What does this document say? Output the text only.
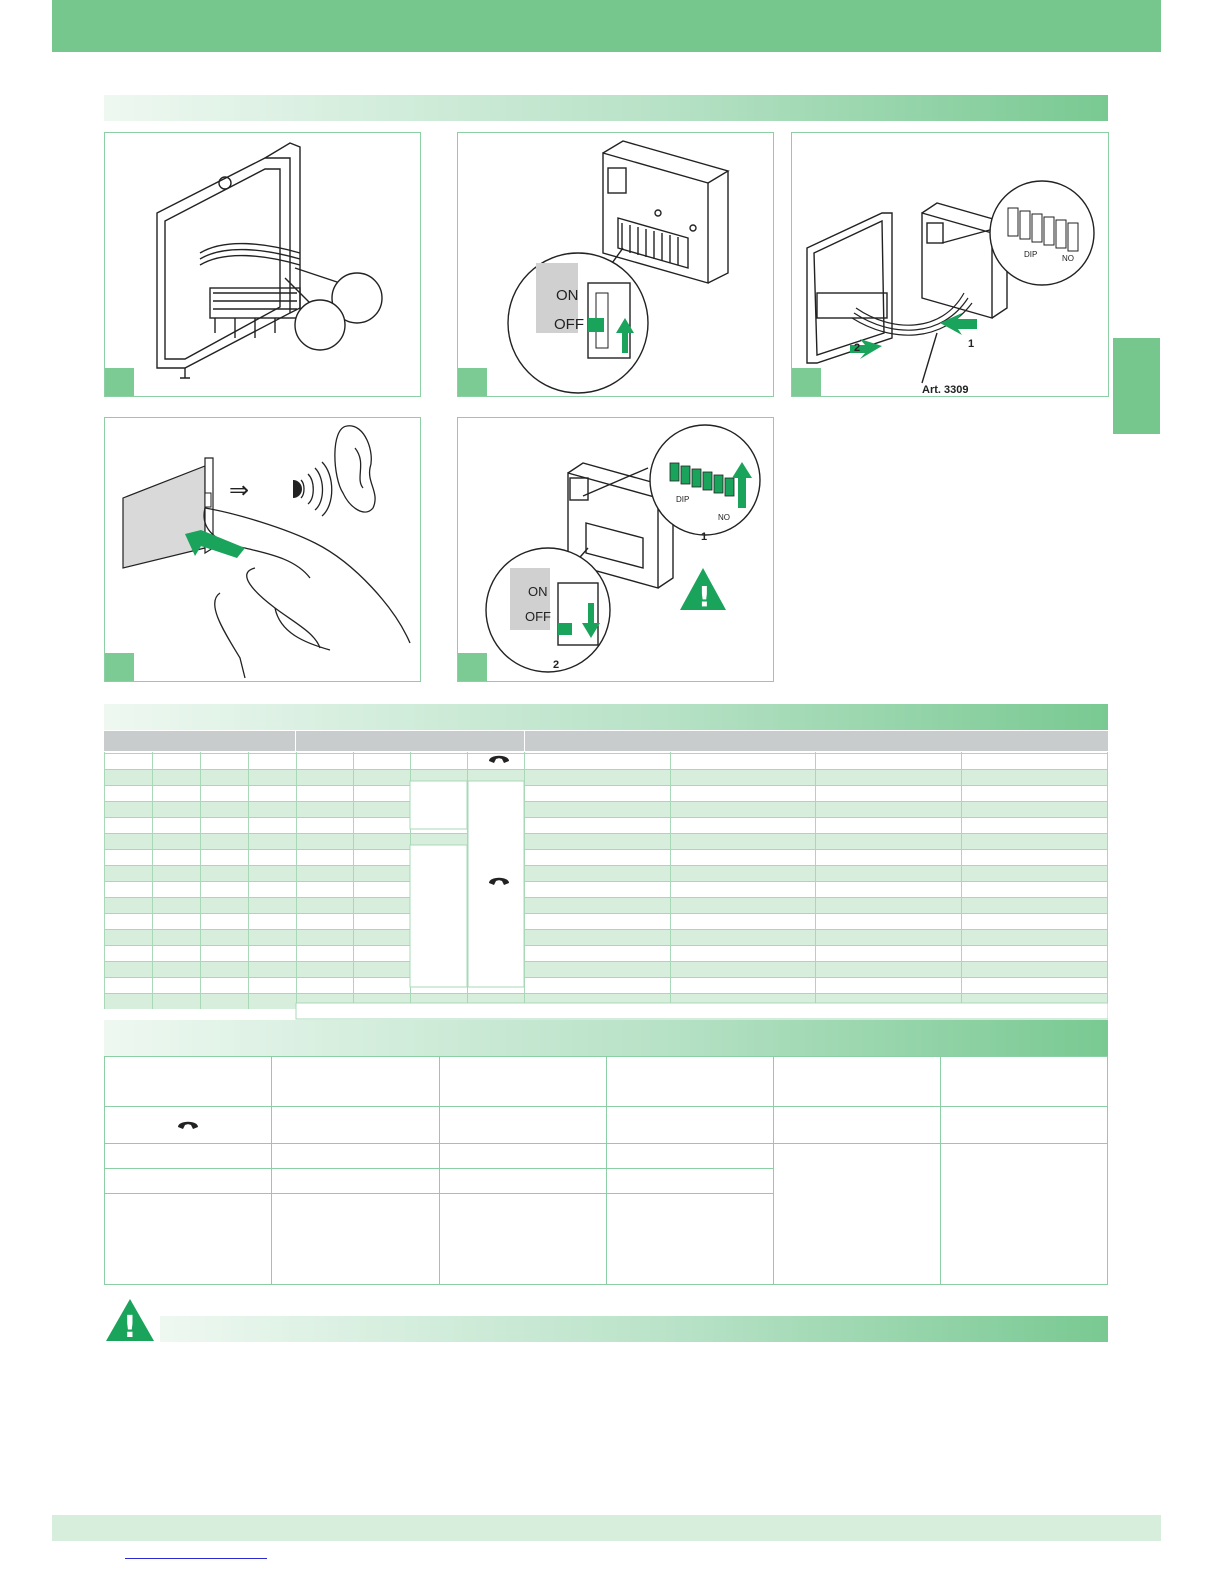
ON
OFF
DIP	NO
1
2
Art. 3309
⇒	DIP
NO
1
ON
OFF
2
!
!
